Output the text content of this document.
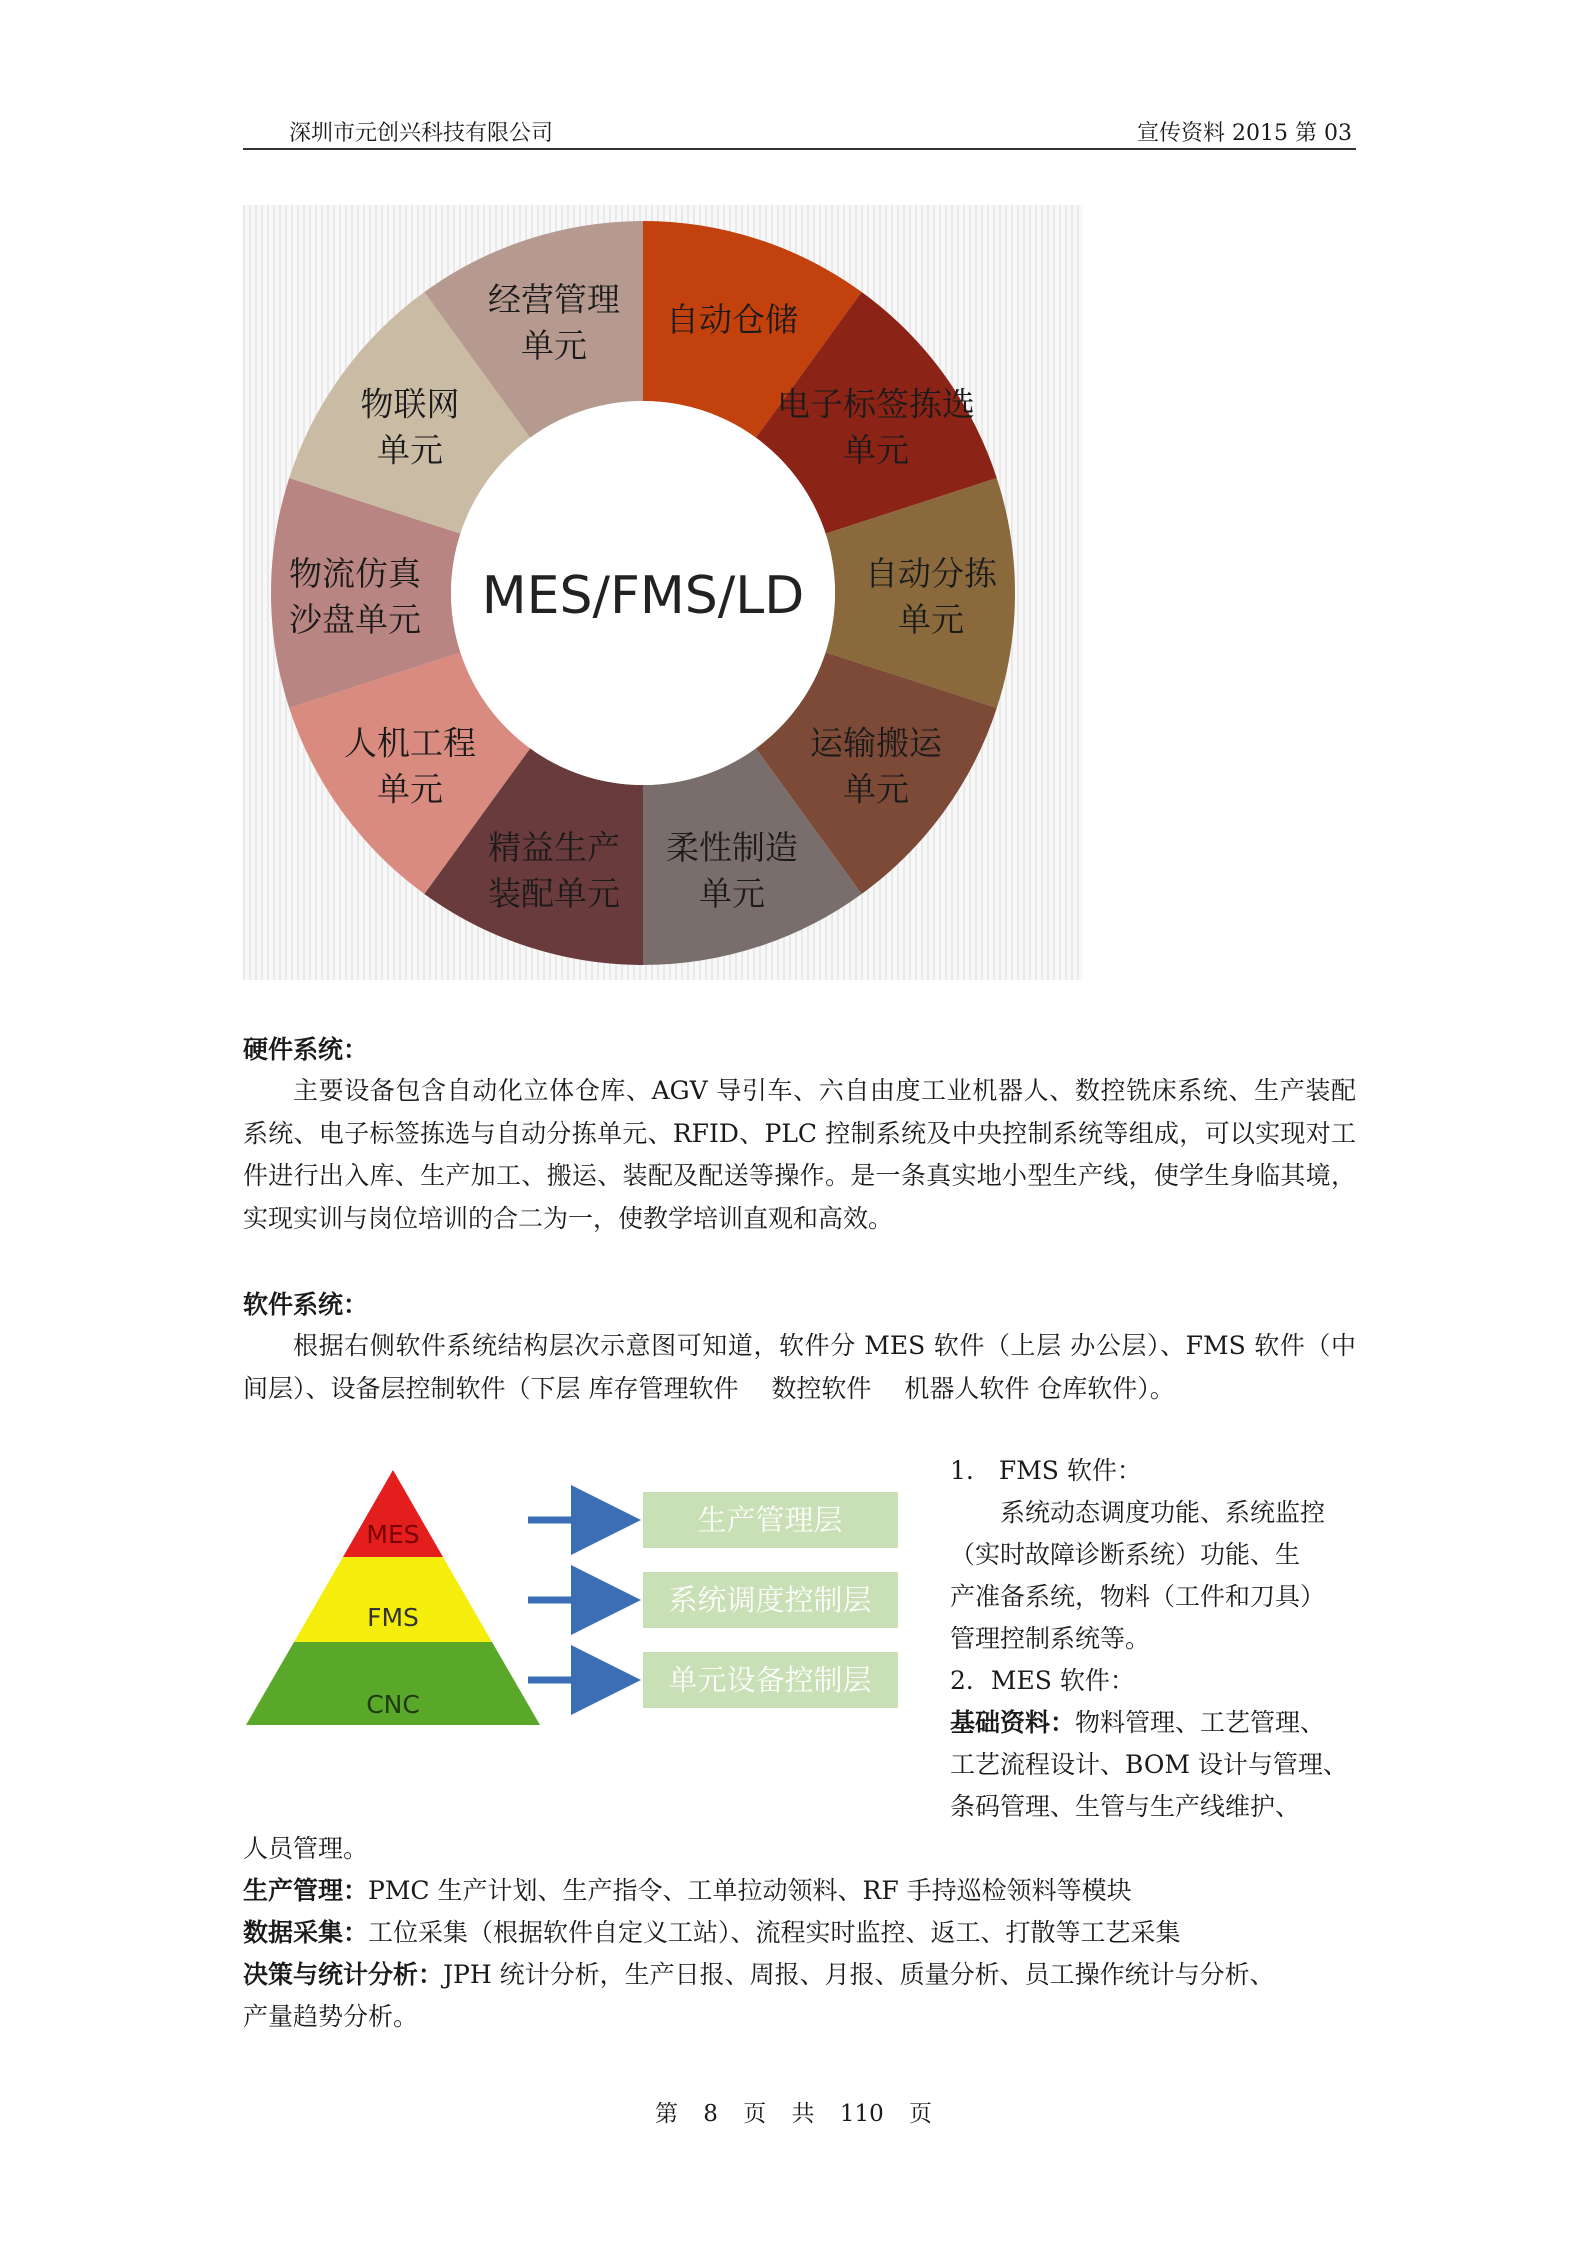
深圳市元创兴科技有限公司	宣传资料 2015 第 03
自动仓储
电子标签拣选
单元
自动分拣
单元
运输搬运
单元
柔性制造
单元
精益生产
装配单元
人机工程
单元
物流仿真
沙盘单元
物联网
单元
经营管理
单元
MES/FMS/LD
硬件系统：

主要设备包含自动化立体仓库、AGV 导引车、六自由度工业机器人、数控铣床系统、生产装配系统、电子标签拣选与自动分拣单元、RFID、PLC 控制系统及中央控制系统等组成，可以实现对工件进行出入库、生产加工、搬运、装配及配送等操作。是一条真实地小型生产线，使学生身临其境，实现实训与岗位培训的合二为一，使教学培训直观和高效。

软件系统：

根据右侧软件系统结构层次示意图可知道，软件分 MES 软件（上层 办公层）、FMS 软件（中间层）、设备层控制软件（下层 库存管理软件　 数控软件　 机器人软件 仓库软件）。

MES
FMS
CNC
生产管理层
系统调度控制层
单元设备控制层
1.　FMS 软件：
系统动态调度功能、系统监控
（实时故障诊断系统）功能、生
产准备系统，物料（工件和刀具）
管理控制系统等。
2．MES 软件：
基础资料：物料管理、工艺管理、
工艺流程设计、BOM 设计与管理、
条码管理、生管与生产线维护、
人员管理。
生产管理：PMC 生产计划、生产指令、工单拉动领料、RF 手持巡检领料等模块
数据采集：工位采集（根据软件自定义工站）、流程实时监控、返工、打散等工艺采集
决策与统计分析：JPH 统计分析，生产日报、周报、月报、质量分析、员工操作统计与分析、
产量趋势分析。
第 8 页 共 110 页
